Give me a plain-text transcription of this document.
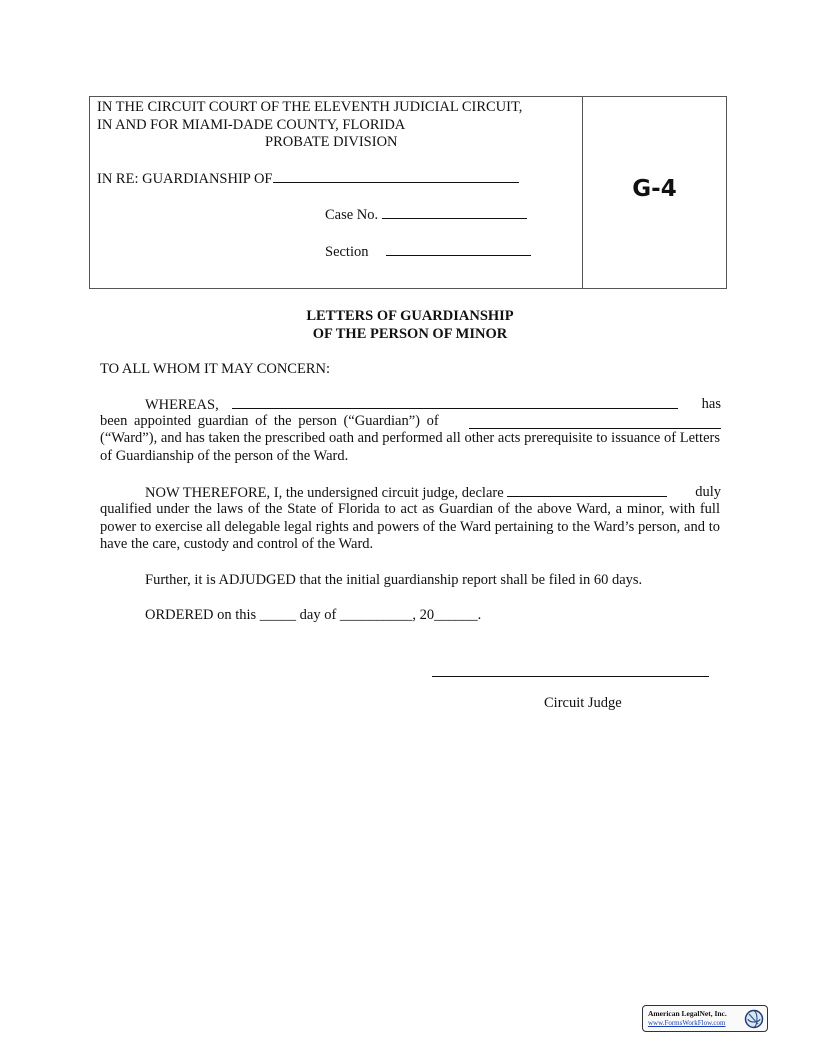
IN THE CIRCUIT COURT OF THE ELEVENTH JUDICIAL CIRCUIT,
IN AND FOR MIAMI-DADE COUNTY, FLORIDA
PROBATE DIVISION
IN RE: GUARDIANSHIP OF
Case No.
Section
G-4
LETTERS OF GUARDIANSHIP
OF THE PERSON OF MINOR
TO ALL WHOM IT MAY CONCERN:
WHEREAS,	has
been appointed guardian of the person (“Guardian”) of
(“Ward”), and has taken the prescribed oath and performed all other acts prerequisite to issuance of Letters of Guardianship of the person of the Ward.
NOW THEREFORE, I, the undersigned circuit judge, declare	duly
qualified under the laws of the State of Florida to act as Guardian of the above Ward, a minor, with full power to exercise all delegable legal rights and powers of the Ward pertaining to the Ward’s person, and to have the care, custody and control of the Ward.
Further, it is ADJUDGED that the initial guardianship report shall be filed in 60 days.
ORDERED on this _____ day of __________, 20______.
Circuit Judge
American LegalNet, Inc.
www.FormsWorkFlow.com
